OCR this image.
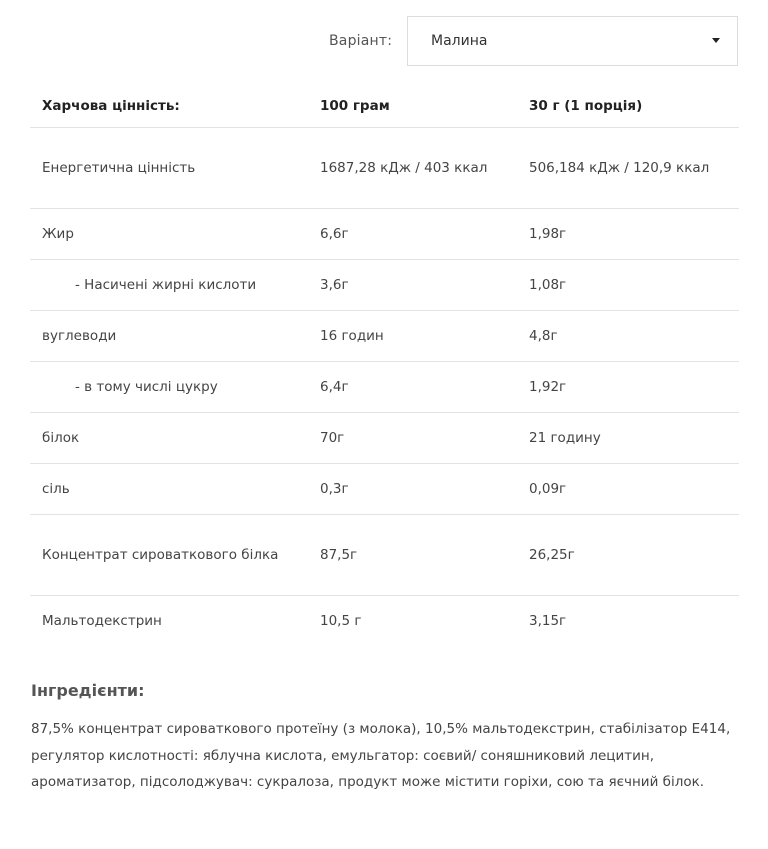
Варіант:	Малина
Харчова цінність:	100 грам	30 г (1 порція)
Енергетична цінність	1687,28 кДж / 403 ккал	506,184 кДж / 120,9 ккал
Жир	6,6г	1,98г
- Насичені жирні кислоти	3,6г	1,08г
вуглеводи	16 годин	4,8г
- в тому числі цукру	6,4г	1,92г
білок	70г	21 годину
сіль	0,3г	0,09г
Концентрат сироваткового білка	87,5г	26,25г
Мальтодекстрин	10,5 г	3,15г
Інгредієнти:

87,5% концентрат сироваткового протеїну (з молока), 10,5% мальтодекстрин, стабілізатор Е414, регулятор кислотності: яблучна кислота, емульгатор: соєвий/ соняшниковий лецитин, ароматизатор, підсолоджувач: сукралоза, продукт може містити горіхи, сою та яєчний білок.
